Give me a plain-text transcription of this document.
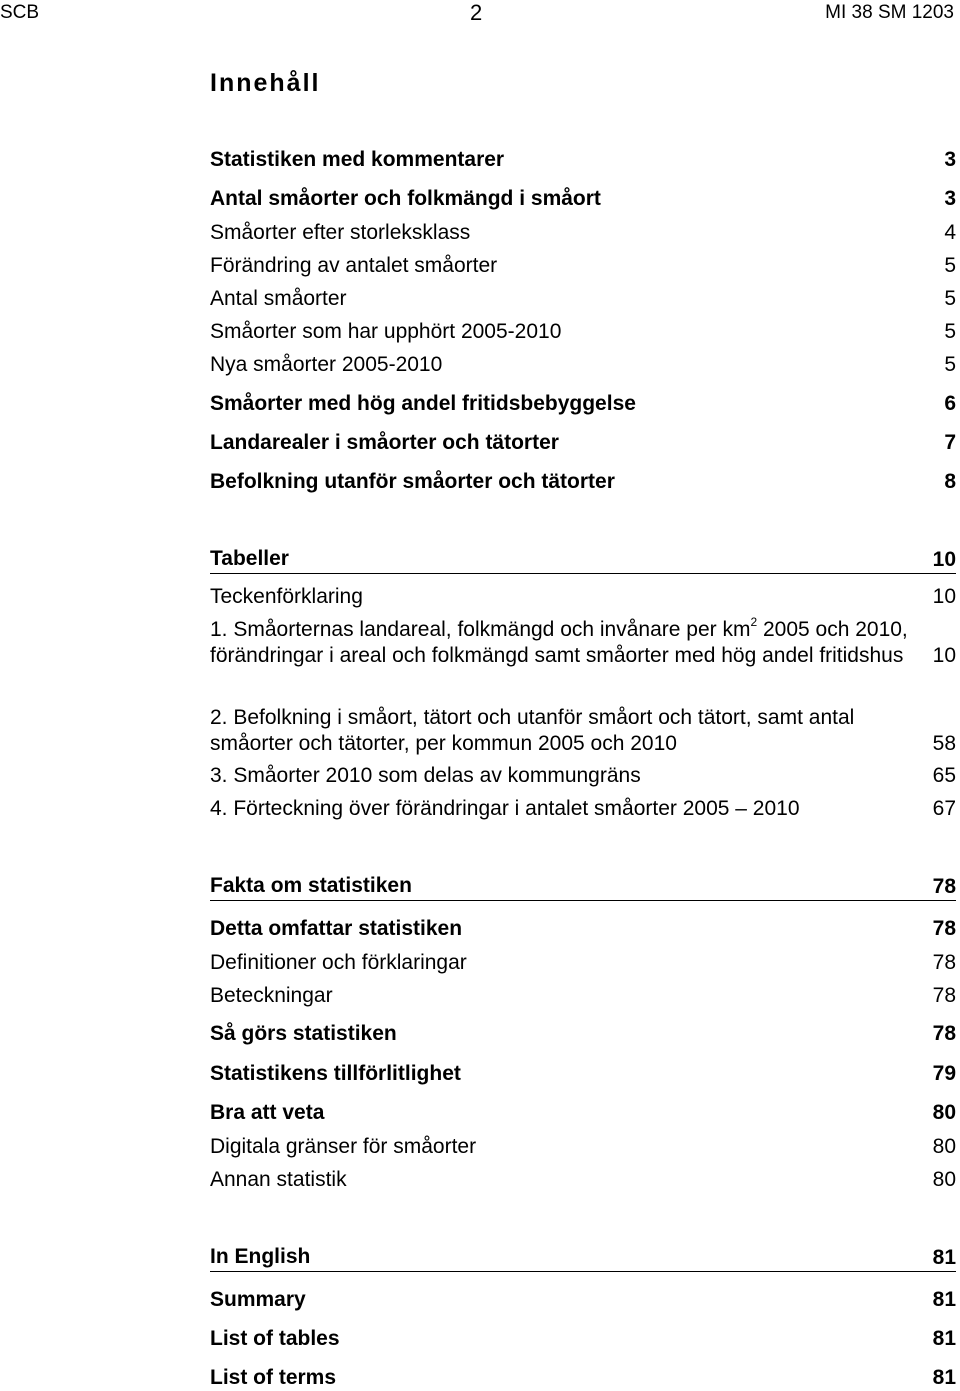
SCB	2	MI 38 SM 1203
Innehåll
Statistiken med kommentarer	3
Antal småorter och folkmängd i småort	3
Småorter efter storleksklass	4
Förändring av antalet småorter	5
Antal småorter	5
Småorter som har upphört 2005-2010	5
Nya småorter 2005-2010	5
Småorter med hög andel fritidsbebyggelse	6
Landarealer i småorter och tätorter	7
Befolkning utanför småorter och tätorter	8
Tabeller	10
Teckenförklaring	10
1. Småorternas landareal, folkmängd och invånare per $km^2$ 2005 och 2010, förändringar i areal och folkmängd samt småorter med hög andel fritidshus	10
2. Befolkning i småort, tätort och utanför småort och tätort, samt antal småorter och tätorter, per kommun 2005 och 2010	58
3. Småorter 2010 som delas av kommungräns	65
4. Förteckning över förändringar i antalet småorter 2005 – 2010	67
Fakta om statistiken	78
Detta omfattar statistiken	78
Definitioner och förklaringar	78
Beteckningar	78
Så görs statistiken	78
Statistikens tillförlitlighet	79
Bra att veta	80
Digitala gränser för småorter	80
Annan statistik	80
In English	81
Summary	81
List of tables	81
List of terms	81
